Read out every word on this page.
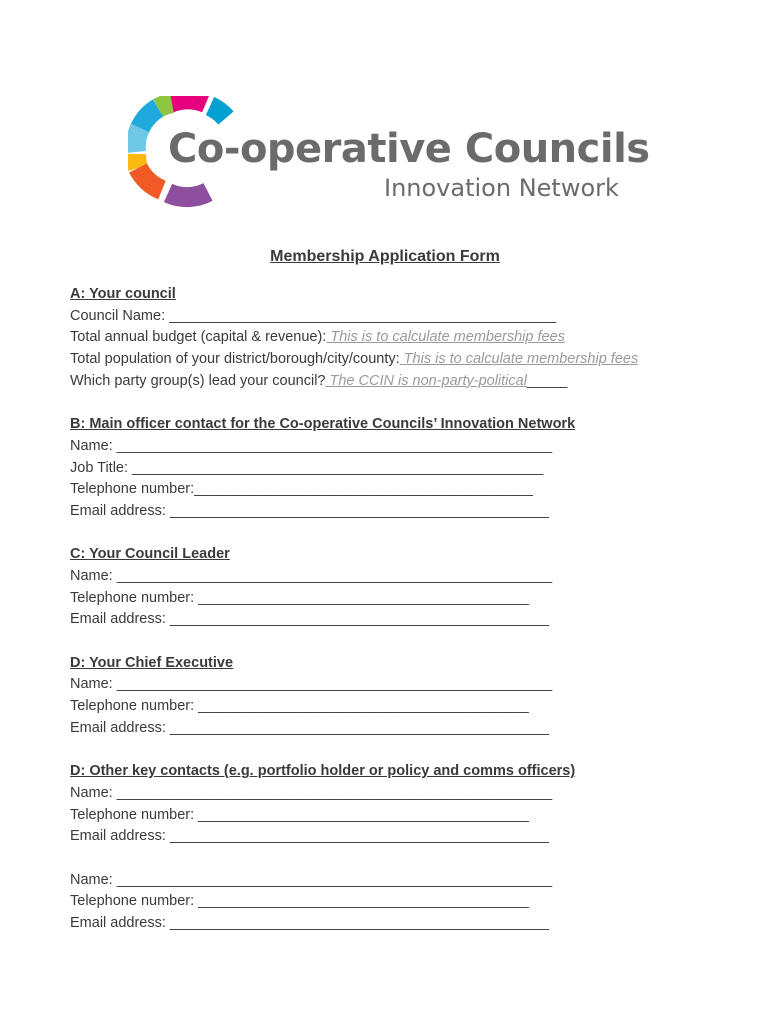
Co-operative Councils
Innovation Network
Membership Application Form
A: Your council
Council Name: ________________________________________________
Total annual budget (capital & revenue): This is to calculate membership fees
Total population of your district/borough/city/county: This is to calculate membership fees
Which party group(s) lead your council? The CCIN is non-party-political_____
B: Main officer contact for the Co-operative Councils’ Innovation Network
Name: ______________________________________________________
Job Title: ___________________________________________________
Telephone number:__________________________________________
Email address: _______________________________________________
C: Your Council Leader
Name: ______________________________________________________
Telephone number: _________________________________________
Email address: _______________________________________________
D: Your Chief Executive
Name: ______________________________________________________
Telephone number: _________________________________________
Email address: _______________________________________________
D: Other key contacts (e.g. portfolio holder or policy and comms officers)
Name: ______________________________________________________
Telephone number: _________________________________________
Email address: _______________________________________________
Name: ______________________________________________________
Telephone number: _________________________________________
Email address: _______________________________________________
